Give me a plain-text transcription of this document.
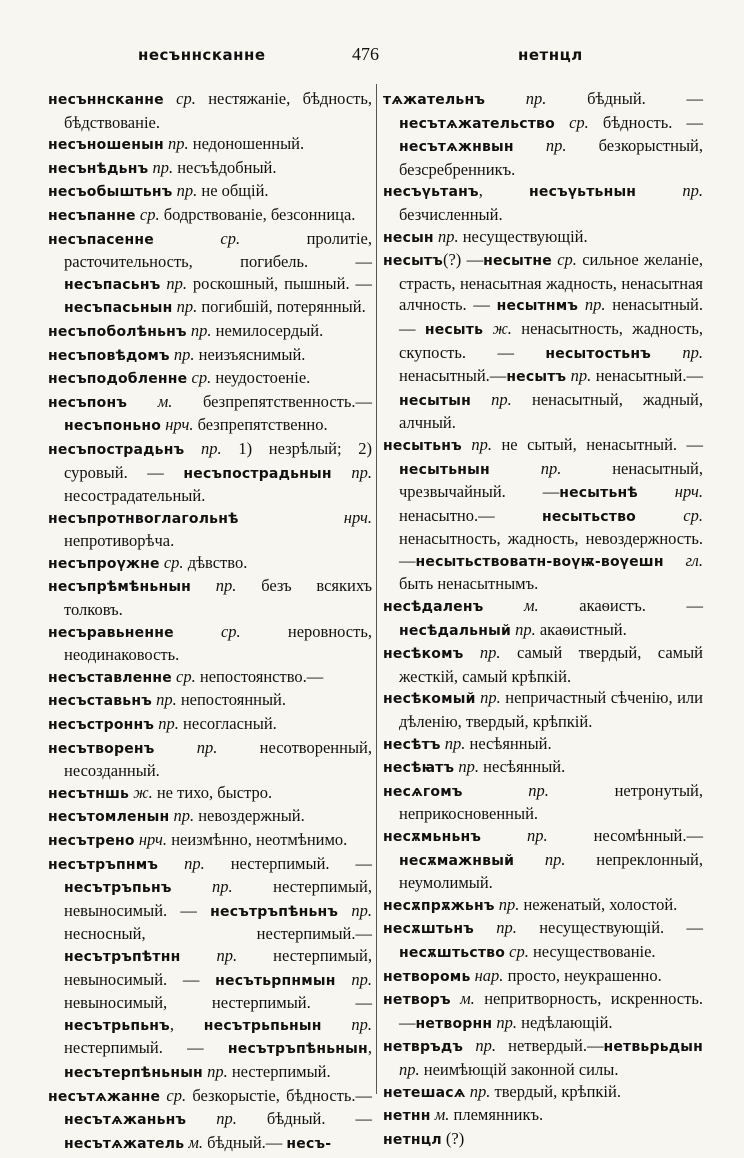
несъннсканне	476	нетнцл

несъннсканне ср. нестяжаніе, бѣдность, бѣдствованіе.

несъношенын пр. недоношенный.

несънѣдьнъ пр. несъѣдобный.

несъобыштьнъ пр. не общій.

несъпанне ср. бодрствованіе, безсонница.

несъпасенне ср. пролитіе, расточительность, погибель. — несъпасьнъ пр. роскошный, пышный. — несъпасьнын пр. погибшій, потерянный.

несъпоболѣньнъ пр. немилосердый.

несъповѣдомъ пр. неизъяснимый.

несъподобленне ср. неудостоеніе.

несъпонъ м. безпрепятственность.— несъпоньно нрч. безпрепятственно.

несъпострадьнъ пр. 1) незрѣлый; 2) суровый. — несъпострадьнын пр. несострадательный.

несъпротнвоглагольнѣ нрч. непротиворѣча.

несъпроүжне ср. дѣвство.

несъпрѣмѣньнын пр. безъ всякихъ толковъ.

несъравьненне ср. неровность, неодинаковость.

несъставленне ср. непостоянство.—

несъставьнъ пр. непостоянный.

несъстроннъ пр. несогласный.

несътворенъ пр. несотворенный, несозданный.

несътншь ж. не тихо, быстро.

несътомленын пр. невоздержный.

несътрено нрч. неизмѣнно, неотмѣнимо.

несътръпнмъ пр. нестерпимый. — несътръпьнъ пр. нестерпимый, невыносимый. — несътръпѣньнъ пр. несносный, нестерпимый.—несътръпѣтнн пр. нестерпимый, невыносимый. — несътьрпнмын пр. невыносимый, нестерпимый. — несътрьпьнъ, несътрьпьнын пр. нестерпимый. — несътръпѣньнын, несътерпѣньнын пр. нестерпимый.

несътѧжанне ср. безкорыстіе, бѣдность.— несътѧжаньнъ пр. бѣдный. —несътѧжатель м. бѣдный.— несъ-

тѧжательнъ пр. бѣдный. — несътѧжательство ср. бѣдность. — несътѧжнвын пр. безкорыстный, безсребренникъ.

несъүьтанъ, несъүьтьнын пр. безчисленный.

несын пр. несуществующій.

несытъ(?) —несытне ср. сильное желаніе, страсть, ненасытная жадность, ненасытная алчность. — несытнмъ пр. ненасытный. — несыть ж. ненасытность, жадность, скупость. — несытостьнъ пр. ненасытный.—несытъ пр. ненасытный.— несытын пр. ненасытный, жадный, алчный.

несытьнъ пр. не сытый, ненасытный. —несытьнын пр. ненасытный, чрезвычайный. —несытьнѣ нрч. ненасытно.— несытьство ср. ненасытность, жадность, невоздержность.—несытьствоватн-воүѭ-воүешн гл. быть ненасытнымъ.

несѣдаленъ м. акаѳистъ. — несѣдальный пр. акаѳистный.

несѣкомъ пр. самый твердый, самый жесткій, самый крѣпкій.

несѣкомый пр. непричастный сѣченію, или дѣленію, твердый, крѣпкій.

несѣтъ пр. несѣянный.

несѣꙗтъ пр. несѣянный.

несѧгомъ пр. нетронутый, неприкосновенный.

несѫмьньнъ пр. несомѣнный.—несѫмажнвый пр. непреклонный, неумолимый.

несѫпрѫжьнъ пр. неженатый, холостой.

несѫштьнъ пр. несуществующій. — несѫштьство ср. несуществованіе.

нетворомь нар. просто, неукрашенно.

нетворъ м. непритворность, искренность.—нетворнн пр. недѣлающій.

нетвръдъ пр. нетвердый.—нетвьрьдын пр. неимѣющій законной силы.

нетешасѧ пр. твердый, крѣпкій.

нетнн м. племянникъ.

нетнцл (?)
